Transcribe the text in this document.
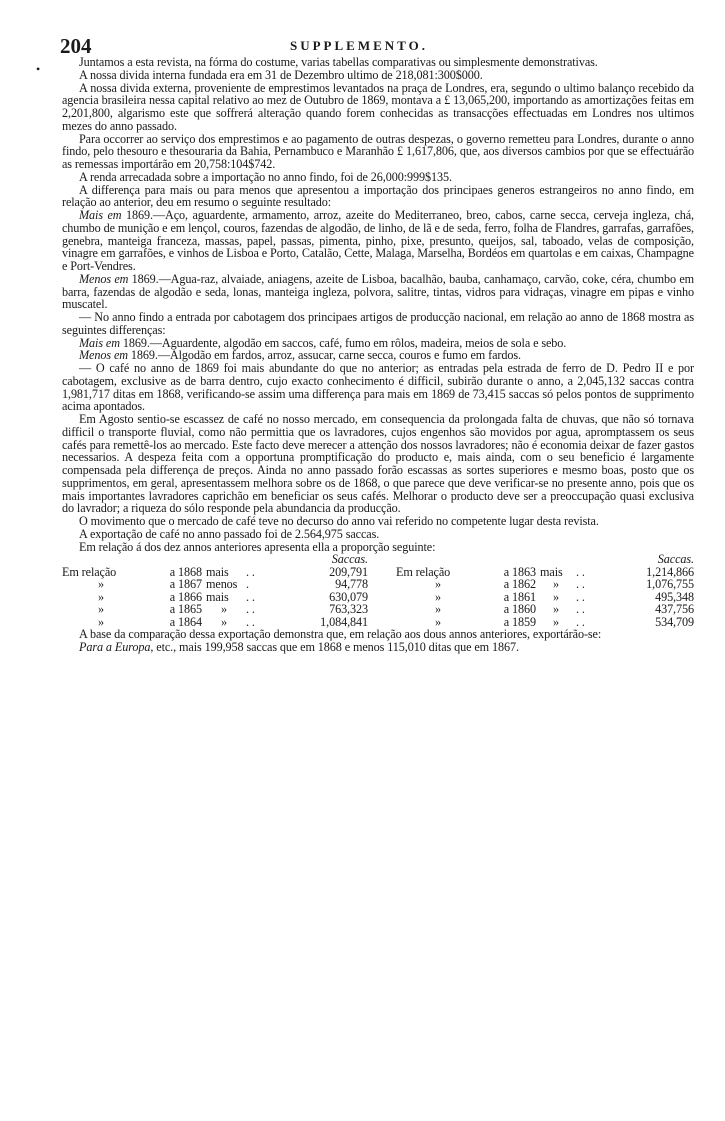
204	SUPPLEMENTO.

Juntamos a esta revista, na fórma do costume, varias tabellas comparativas ou simplesmente demonstrativas.

A nossa divida interna fundada era em 31 de Dezembro ultimo de 218,081:300$000.

A nossa divida externa, proveniente de emprestimos levantados na praça de Londres, era, segundo o ultimo balanço recebido da agencia brasileira nessa capital relativo ao mez de Outubro de 1869, montava a £ 13,065,200, importando as amortizações feitas em 2,201,800, algarismo este que soffrerá alteração quando forem conhecidas as transacções effectuadas em Londres nos ultimos mezes do anno passado.

Para occorrer ao serviço dos emprestimos e ao pagamento de outras despezas, o governo remetteu para Londres, durante o anno findo, pelo thesouro e thesouraria da Bahia, Pernambuco e Maranhão £ 1,617,806, que, aos diversos cambios por que se effectuárão as remessas importárão em 20,758:104$742.

A renda arrecadada sobre a importação no anno findo, foi de 26,000:999$135.

A differença para mais ou para menos que apresentou a importação dos principaes generos estrangeiros no anno findo, em relação ao anterior, deu em resumo o seguinte resultado:

Mais em 1869.—Aço, aguardente, armamento, arroz, azeite do Mediterraneo, breo, cabos, carne secca, cerveja ingleza, chá, chumbo de munição e em lençol, couros, fazendas de algodão, de linho, de lã e de seda, ferro, folha de Flandres, garrafas, garrafões, genebra, manteiga franceza, massas, papel, passas, pimenta, pinho, pixe, presunto, queijos, sal, taboado, velas de composição, vinagre em garrafões, e vinhos de Lisboa e Porto, Catalão, Cette, Malaga, Marselha, Bordéos em quartolas e em caixas, Champagne e Port-Vendres.

Menos em 1869.—Agua-raz, alvaiade, aniagens, azeite de Lisboa, bacalhão, bauba, canhamaço, carvão, coke, céra, chumbo em barra, fazendas de algodão e seda, lonas, manteiga ingleza, polvora, salitre, tintas, vidros para vidraças, vinagre em pipas e vinho muscatel.

— No anno findo a entrada por cabotagem dos principaes artigos de producção nacional, em relação ao anno de 1868 mostra as seguintes differenças:

Mais em 1869.—Aguardente, algodão em saccos, café, fumo em rôlos, madeira, meios de sola e sebo.

Menos em 1869.—Algodão em fardos, arroz, assucar, carne secca, couros e fumo em fardos.

— O café no anno de 1869 foi mais abundante do que no anterior; as entradas pela estrada de ferro de D. Pedro II e por cabotagem, exclusive as de barra dentro, cujo exacto conhecimento é difficil, subirão durante o anno, a 2,045,132 saccas contra 1,981,717 ditas em 1868, verificando-se assim uma differença para mais em 1869 de 73,415 saccas só pelos pontos de supprimento acima apontados.

Em Agosto sentio-se escassez de café no nosso mercado, em consequencia da prolongada falta de chuvas, que não só tornava difficil o transporte fluvial, como não permittia que os lavradores, cujos engenhos são movidos por agua, apromptassem os seus cafés para remettê-los ao mercado. Este facto deve merecer a attenção dos nossos lavradores; não é economia deixar de fazer gastos necessarios. A despeza feita com a opportuna promptificação do producto e, mais ainda, com o seu beneficio é largamente compensada pela differença de preços. Ainda no anno passado forão escassas as sortes superiores e mesmo boas, posto que os supprimentos, em geral, apresentassem melhora sobre os de 1868, o que parece que deve verificar-se no presente anno, pois que os mais importantes lavradores caprichão em beneficiar os seus cafés. Melhorar o producto deve ser a preoccupação quasi exclusiva do lavrador; a riqueza do sólo responde pela abundancia da producção.

O movimento que o mercado de café teve no decurso do anno vai referido no competente lugar desta revista.

A exportação de café no anno passado foi de 2.564,975 saccas.

Em relação á dos dez annos anteriores apresenta ella a proporção seguinte:

Saccas.						Saccas.				
Em relação	a 1868	mais	. .	209,791		Em relação	a 1863	mais	. .	1,214,866
»	a 1867	menos	.	94,778		»	a 1862	»	. .	1,076,755
»	a 1866	mais	. .	630,079		»	a 1861	»	. .	495,348
»	a 1865	»	. .	763,323		»	a 1860	»	. .	437,756
»	a 1864	»	. .	1,084,841		»	a 1859	»	. .	534,709

A base da comparação dessa exportação demonstra que, em relação aos dous annos anteriores, exportárão-se:

Para a Europa, etc., mais 199,958 saccas que em 1868 e menos 115,010 ditas que em 1867.

•
